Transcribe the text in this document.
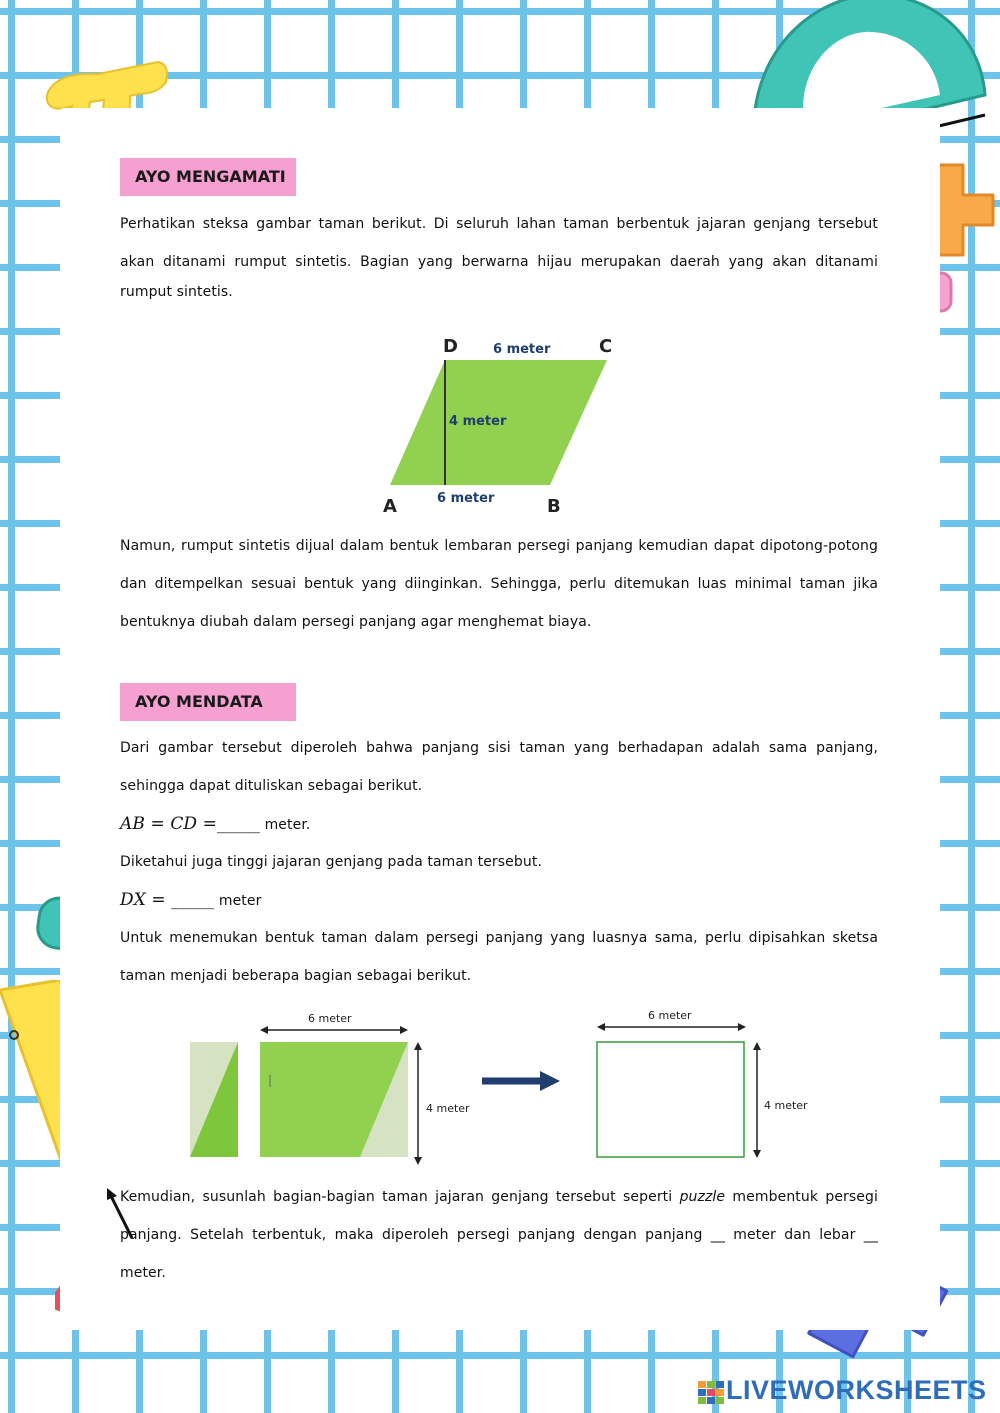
AYO MENGAMATI
Perhatikan steksa gambar taman berikut. Di seluruh lahan taman berbentuk jajaran genjang tersebut
akan ditanami rumput sintetis. Bagian yang berwarna hijau merupakan daerah yang akan ditanami
rumput sintetis.
D	C
A	B
6 meter
6 meter
4 meter
Namun, rumput sintetis dijual dalam bentuk lembaran persegi panjang kemudian dapat dipotong-potong
dan ditempelkan sesuai bentuk yang diinginkan. Sehingga, perlu ditemukan luas minimal taman jika
bentuknya diubah dalam persegi panjang agar menghemat biaya.
AYO MENDATA
Dari gambar tersebut diperoleh bahwa panjang sisi taman yang berhadapan adalah sama panjang,
sehingga dapat dituliskan sebagai berikut.
AB = CD =_____ meter.
Diketahui juga tinggi jajaran genjang pada taman tersebut.
DX = _____ meter
Untuk menemukan bentuk taman dalam persegi panjang yang luasnya sama, perlu dipisahkan sketsa
taman menjadi beberapa bagian sebagai berikut.
6 meter
4 meter
6 meter
4 meter
Kemudian, susunlah bagian-bagian taman jajaran genjang tersebut seperti puzzle membentuk persegi
panjang. Setelah terbentuk, maka diperoleh persegi panjang dengan panjang __ meter dan lebar __
meter.
LIVEWORKSHEETS
